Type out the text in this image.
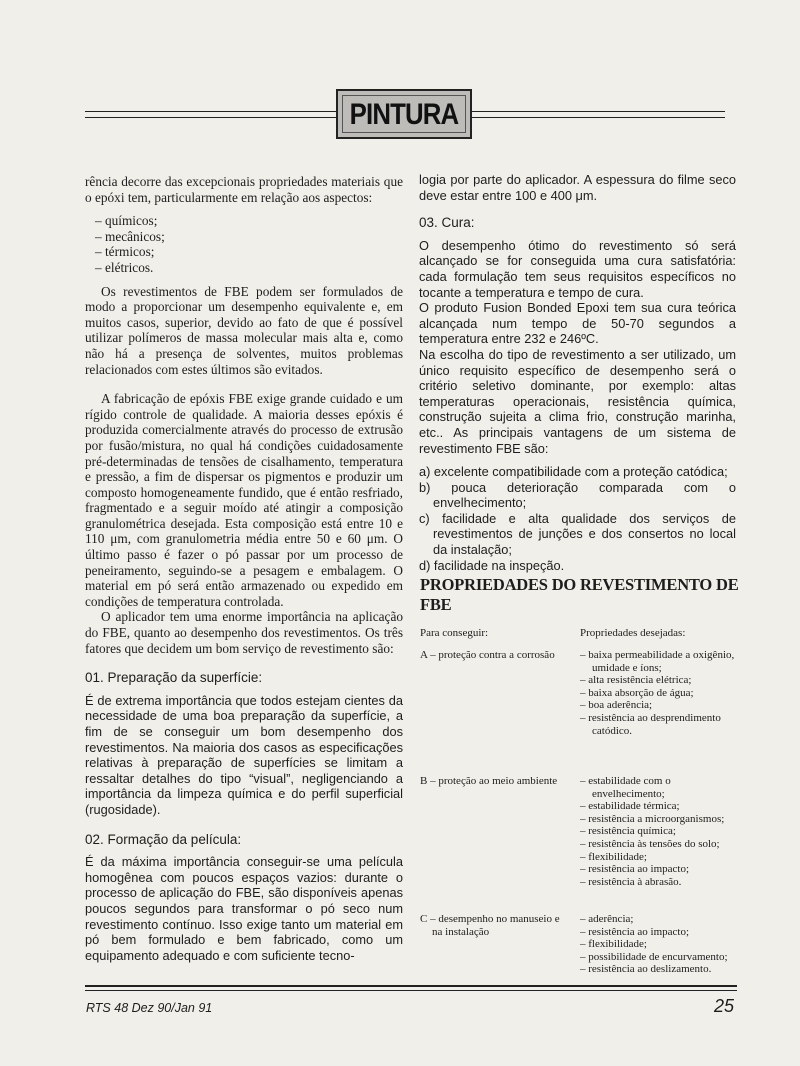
PINTURA

rência decorre das excepcionais propriedades materiais que o epóxi tem, particularmente em relação aos aspectos:

– químicos;
– mecânicos;
– térmicos;
– elétricos.

Os revestimentos de FBE podem ser formulados de modo a proporcionar um desempenho equivalente e, em muitos casos, superior, devido ao fato de que é possível utilizar polímeros de massa molecular mais alta e, como não há a presença de solventes, muitos problemas relacionados com estes últimos são evitados.

A fabricação de epóxis FBE exige grande cuidado e um rígido controle de qualidade. A maioria desses epóxis é produzida comercialmente através do processo de extrusão por fusão/mistura, no qual há condições cuidadosamente pré-determinadas de tensões de cisalhamento, temperatura e pressão, a fim de dispersar os pigmentos e produzir um composto homogeneamente fundido, que é então resfriado, fragmentado e a seguir moído até atingir a composição granulométrica desejada. Esta composição está entre 10 e 110 μm, com granulometria média entre 50 e 60 μm. O último passo é fazer o pó passar por um processo de peneiramento, seguindo-se a pesagem e embalagem. O material em pó será então armazenado ou expedido em condições de temperatura controlada.

O aplicador tem uma enorme importância na aplicação do FBE, quanto ao desempenho dos revestimentos. Os três fatores que decidem um bom serviço de revestimento são:

01. Preparação da superfície:

É de extrema importância que todos estejam cientes da necessidade de uma boa preparação da superfície, a fim de se conseguir um bom desempenho dos revestimentos. Na maioria dos casos as especificações relativas à preparação de superfícies se limitam a ressaltar detalhes do tipo “visual”, negligenciando a importância da limpeza química e do perfil superficial (rugosidade).

02. Formação da película:

É da máxima importância conseguir-se uma película homogênea com poucos espaços vazios: durante o processo de aplicação do FBE, são disponíveis apenas poucos segundos para transformar o pó seco num revestimento contínuo. Isso exige tanto um material em pó bem formulado e bem fabricado, como um equipamento adequado e com suficiente tecno-

logia por parte do aplicador. A espessura do filme seco deve estar entre 100 e 400 μm.

03. Cura:

O desempenho ótimo do revestimento só será alcançado se for conseguida uma cura satisfatória: cada formulação tem seus requisitos específicos no tocante a temperatura e tempo de cura.

O produto Fusion Bonded Epoxi tem sua cura teórica alcançada num tempo de 50-70 segundos a temperatura entre 232 e 246ºC.

Na escolha do tipo de revestimento a ser utilizado, um único requisito específico de desempenho será o critério seletivo dominante, por exemplo: altas temperaturas operacionais, resistência química, construção sujeita a clima frio, construção marinha, etc.. As principais vantagens de um sistema de revestimento FBE são:

a) excelente compatibilidade com a proteção catódica;
b) pouca deterioração comparada com o envelhecimento;
c) facilidade e alta qualidade dos serviços de revestimentos de junções e dos consertos no local da instalação;
d) facilidade na inspeção.
PROPRIEDADES DO REVESTIMENTO DE FBE
Para conseguir:	Propriedades desejadas:
A – proteção contra a corrosão	– baixa permeabilidade a oxigênio, umidade e íons;
– alta resistência elétrica;
– baixa absorção de água;
– boa aderência;
– resistência ao desprendimento catódico.
B – proteção ao meio ambiente	– estabilidade com o envelhecimento;
– estabilidade térmica;
– resistência a microorganismos;
– resistência química;
– resistência às tensões do solo;
– flexibilidade;
– resistência ao impacto;
– resistência à abrasão.
C – desempenho no manuseio e na instalação
– aderência;
– resistência ao impacto;
– flexibilidade;
– possibilidade de encurvamento;
– resistência ao deslizamento.
RTS 48 Dez 90/Jan 91	25
